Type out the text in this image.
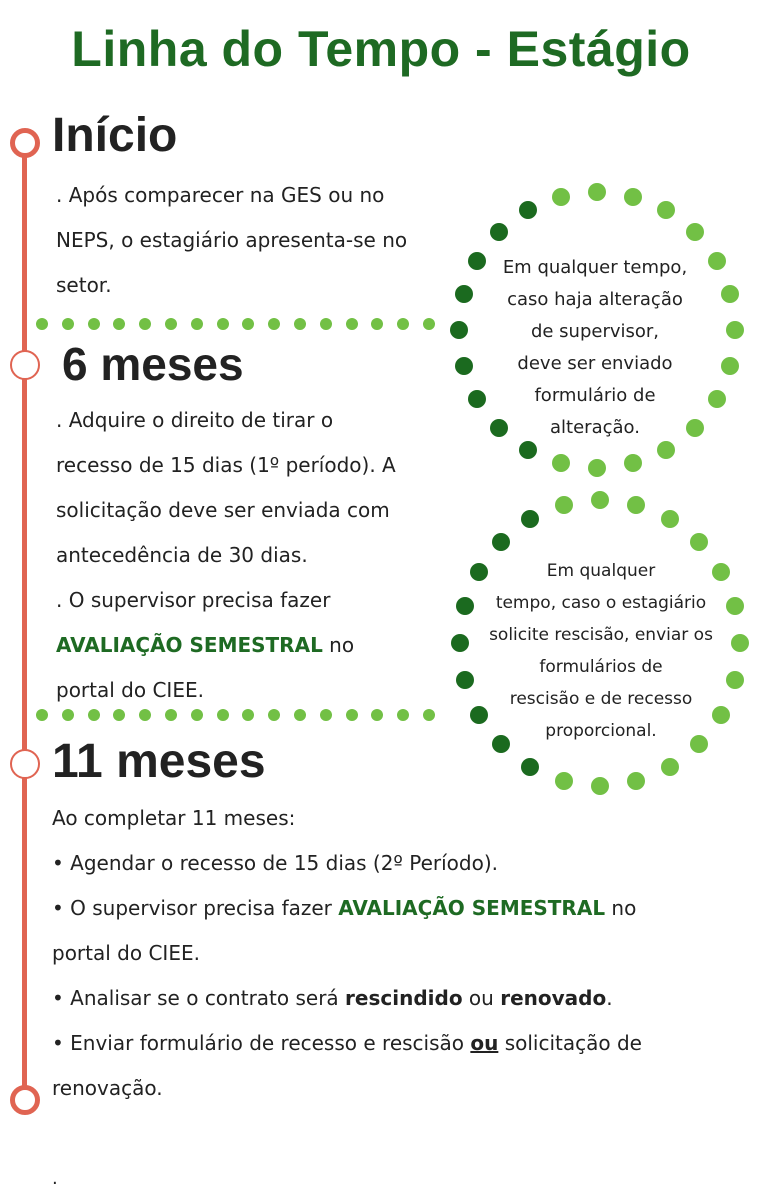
Linha do Tempo - Estágio
Início
. Após comparecer na GES ou no
NEPS, o estagiário apresenta-se no
setor.
6 meses
. Adquire o direito de tirar o
recesso de 15 dias (1º período). A
solicitação deve ser enviada com
antecedência de 30 dias.
. O supervisor precisa fazer
AVALIAÇÃO SEMESTRAL no
portal do CIEE.
11 meses
Ao completar 11 meses:
• Agendar o recesso de 15 dias (2º Período).
• O supervisor precisa fazer AVALIAÇÃO SEMESTRAL no
portal do CIEE.
• Analisar se o contrato será rescindido ou renovado.
• Enviar formulário de recesso e rescisão ou solicitação de
renovação.
Em qualquer tempo,
caso haja alteração
de supervisor,
deve ser enviado
formulário de
alteração.
Em qualquer
tempo, caso o estagiário
solicite rescisão, enviar os
formulários de
rescisão e de recesso
proporcional.
.
